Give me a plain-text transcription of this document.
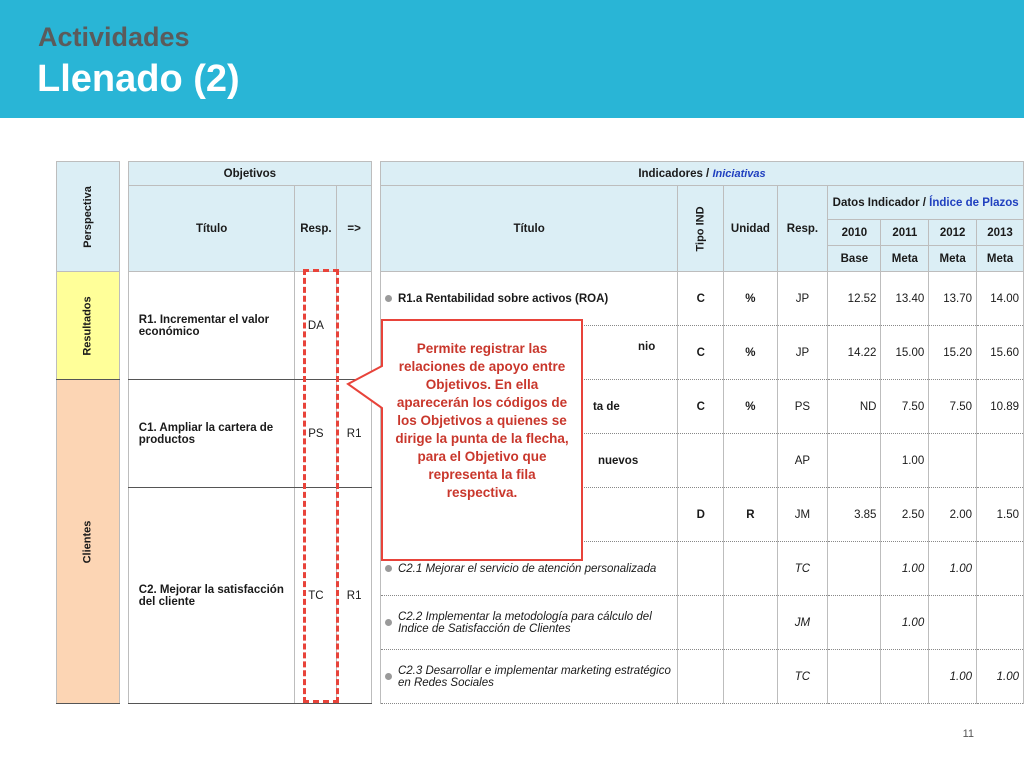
Actividades
Llenado (2)
Perspectiva		Objetivos				Indicadores / Iniciativas							
		Título	Resp.	=>		Título	Tipo IND	Unidad	Resp.	Datos Indicador / Índice de Plazos			
										2010	2011	2012	2013
										Base	Meta	Meta	Meta
Resultados		R1. Incrementar el valor económico	DA			R1.a Rentabilidad sobre activos (ROA)	C	%	JP	12.52	13.40	13.70	14.00
						nio	C	%	JP	14.22	15.00	15.20	15.60
Clientes		C1. Ampliar la cartera de productos	PS	R1		ta de	C	%	PS	ND	7.50	7.50	10.89
						nuevos			AP		1.00		
		C2. Mejorar la satisfacción del cliente	TC	R1			D	R	JM	3.85	2.50	2.00	1.50
						C2.1 Mejorar el servicio de atención personalizada			TC		1.00	1.00	

						C2.2 Implementar la metodología para cálculo del Indice de Satisfacción de Clientes			JM		1.00		

						C2.3 Desarrollar e implementar marketing estratégico en Redes Sociales			TC			1.00	1.00
Permite registrar las relaciones de apoyo entre Objetivos. En ella aparecerán los códigos de los Objetivos a quienes se dirige la punta de la flecha, para el Objetivo que representa la fila respectiva.
11
